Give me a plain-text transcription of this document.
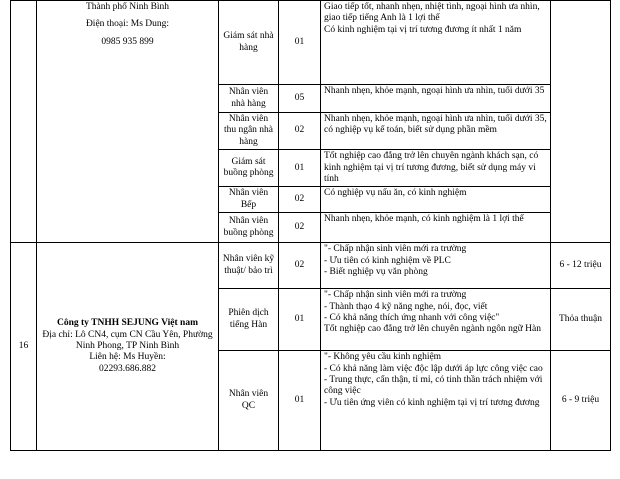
	Thành phố Ninh Bình
Điện thoại: Ms Dung:
0985 935 899	Giám sát nhà hàng	01	Giao tiếp tốt, nhanh nhẹn, nhiệt tình, ngoại hình ưa nhìn, giao tiếp tiếng Anh là 1 lợi thế
Có kinh nghiệm tại vị trí tương đương ít nhất 1 năm	

		Nhân viên nhà hàng	05	Nhanh nhẹn, khỏe mạnh, ngoại hình ưa nhìn, tuổi dưới 35	

		Nhân viên thu ngân nhà hàng	02	Nhanh nhẹn, khỏe mạnh, ngoại hình ưa nhìn, tuổi dưới 35, có nghiệp vụ kế toán, biết sử dụng phần mềm	

		Giám sát buồng phòng	01	Tốt nghiệp cao đẳng trở lên chuyên ngành khách sạn, có kinh nghiệm tại vị trí tương đương, biết sử dụng máy vi tính	

		Nhân viên Bếp	02	Có nghiệp vụ nấu ăn, có kinh nghiệm	

		Nhân viên buồng phòng	02	Nhanh nhẹn, khỏe mạnh, có kinh nghiệm là 1 lợi thế	

16	Công ty TNHH SEJUNG Việt nam
Địa chỉ: Lô CN4, cụm CN Cầu Yên, Phường Ninh Phong, TP Ninh Bình
Liên hệ: Ms Huyền:
02293.686.882	Nhân viên kỹ thuật/ bảo trì	02	"- Chấp nhận sinh viên mới ra trường
- Ưu tiên có kinh nghiệm về PLC
- Biết nghiệp vụ văn phòng	6 - 12 triệu
		Phiên dịch tiếng Hàn	01	"- Chấp nhận sinh viên mới ra trường
- Thành thạo 4 kỹ năng nghe, nói, đọc, viết
- Có khả năng thích ứng nhanh với công việc"
Tốt nghiệp cao đẳng trở lên chuyên ngành ngôn ngữ Hàn	Thỏa thuận
		Nhân viên QC	01	"- Không yêu cầu kinh nghiệm
- Có khả năng làm việc độc lập dưới áp lực công việc cao
- Trung thực, cẩn thận, tỉ mỉ, có tinh thần trách nhiệm với công việc
- Ưu tiên ứng viên có kinh nghiệm tại vị trí tương đương	6 - 9 triệu
